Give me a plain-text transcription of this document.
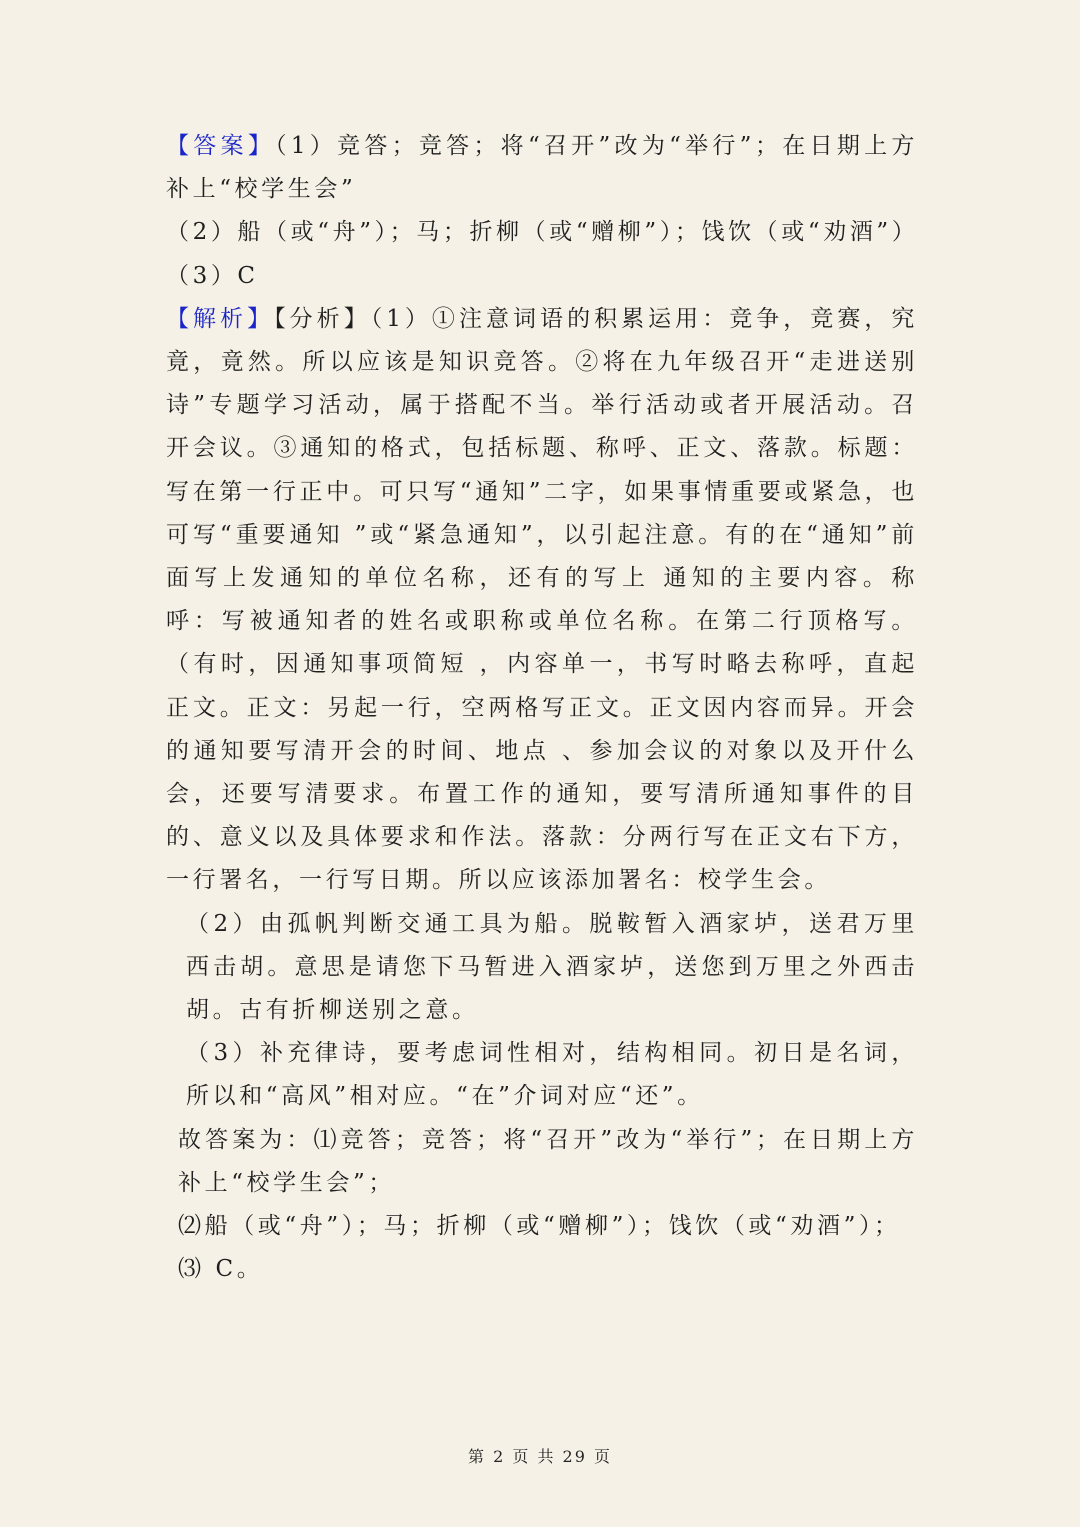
【答案】（1）竞答；竞答；将“召开”改为“举行”；在日期上方补上“校学生会”

（2）船（或“舟”）；马；折柳（或“赠柳”）；饯饮（或“劝酒”）

（3）C

【解析】【分析】（1）①注意词语的积累运用：竞争，竞赛，究竟，竟然。所以应该是知识竞答。②将在九年级召开“走进送别诗”专题学习活动，属于搭配不当。举行活动或者开展活动。召开会议。③通知的格式，包括标题、称呼、正文、落款。标题：写在第一行正中。可只写“通知”二字，如果事情重要或紧急，也可写“重要通知 ”或“紧急通知”，以引起注意。有的在“通知”前面写上发通知的单位名称，还有的写上 通知的主要内容。称呼：写被通知者的姓名或职称或单位名称。在第二行顶格写。（有时，因通知事项简短 ，内容单一，书写时略去称呼，直起正文。正文：另起一行，空两格写正文。正文因内容而异。开会的通知要写清开会的时间、地点 、参加会议的对象以及开什么会，还要写清要求。布置工作的通知，要写清所通知事件的目 的、意义以及具体要求和作法。落款：分两行写在正文右下方，一行署名，一行写日期。所以应该添加署名：校学生会。

（2）由孤帆判断交通工具为船。脱鞍暂入酒家垆，送君万里西击胡。意思是请您下马暂进入酒家垆，送您到万里之外西击胡。古有折柳送别之意。

（3）补充律诗，要考虑词性相对，结构相同。初日是名词，所以和“高风”相对应。“在”介词对应“还”。

故答案为：⑴竞答；竞答；将“召开”改为“举行”；在日期上方补上“校学生会”；

⑵船（或“舟”）；马；折柳（或“赠柳”）；饯饮（或“劝酒”）；

⑶ C。

第 2 页 共 29 页
